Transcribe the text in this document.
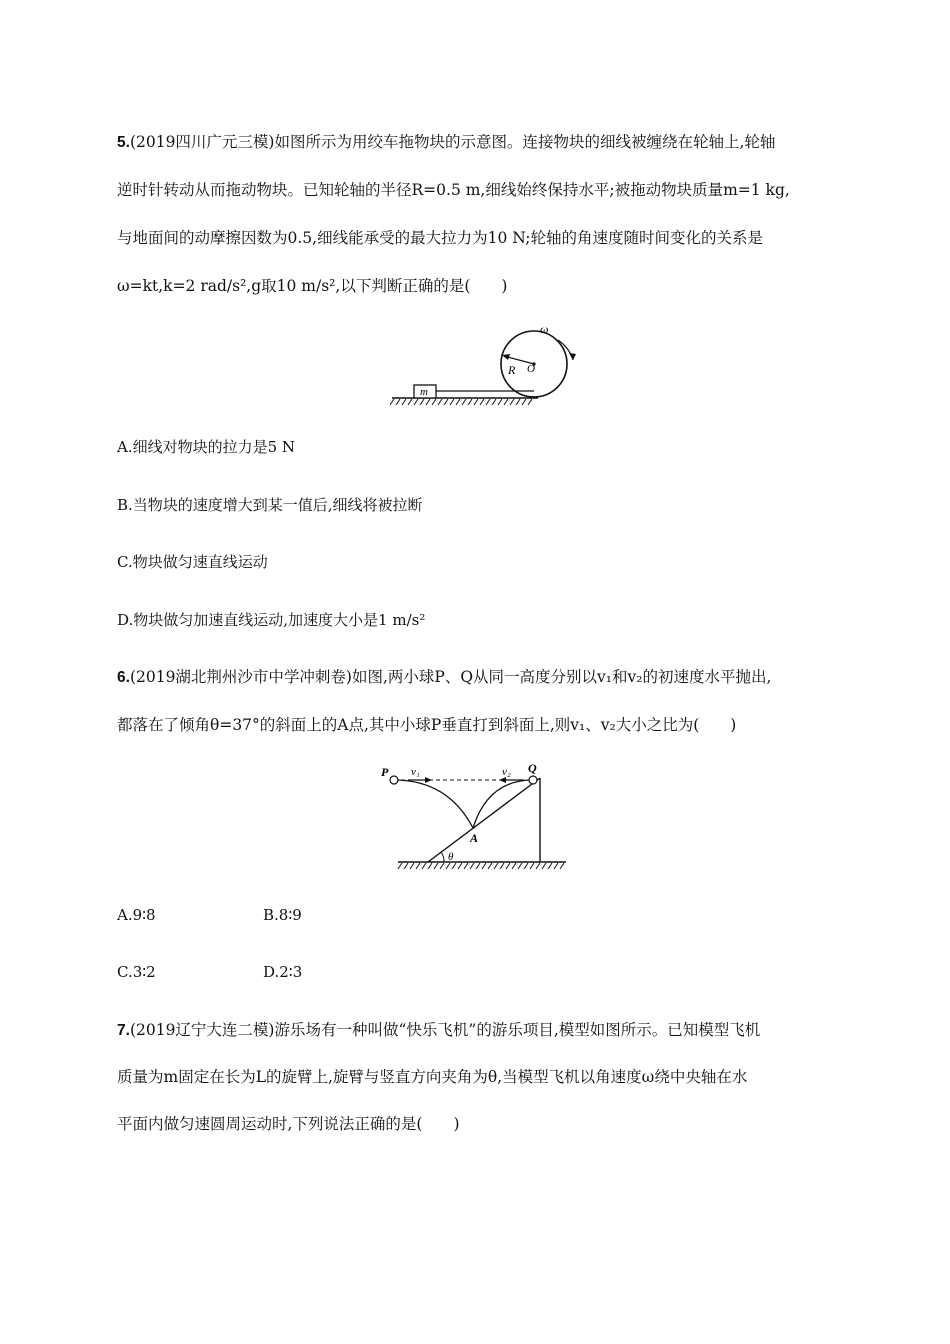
5.(2019四川广元三模)如图所示为用绞车拖物块的示意图。连接物块的细线被缠绕在轮轴上,轮轴
逆时针转动从而拖动物块。已知轮轴的半径R=0.5 m,细线始终保持水平;被拖动物块质量m=1 kg,
与地面间的动摩擦因数为0.5,细线能承受的最大拉力为10 N;轮轴的角速度随时间变化的关系是
ω=kt,k=2 rad/s²,g取10 m/s²,以下判断正确的是(　　)
m
R O
ω
A.细线对物块的拉力是5 N
B.当物块的速度增大到某一值后,细线将被拉断
C.物块做匀速直线运动
D.物块做匀加速直线运动,加速度大小是1 m/s²
6.(2019湖北荆州沙市中学冲刺卷)如图,两小球P、Q从同一高度分别以v₁和v₂的初速度水平抛出,
都落在了倾角θ=37°的斜面上的A点,其中小球P垂直打到斜面上,则v₁、v₂大小之比为(　　)
θ
P	Q
v₁	v₂
A
A.9∶8	B.8∶9
C.3∶2	D.2∶3
7.(2019辽宁大连二模)游乐场有一种叫做“快乐飞机”的游乐项目,模型如图所示。已知模型飞机
质量为m固定在长为L的旋臂上,旋臂与竖直方向夹角为θ,当模型飞机以角速度ω绕中央轴在水
平面内做匀速圆周运动时,下列说法正确的是(　　)
